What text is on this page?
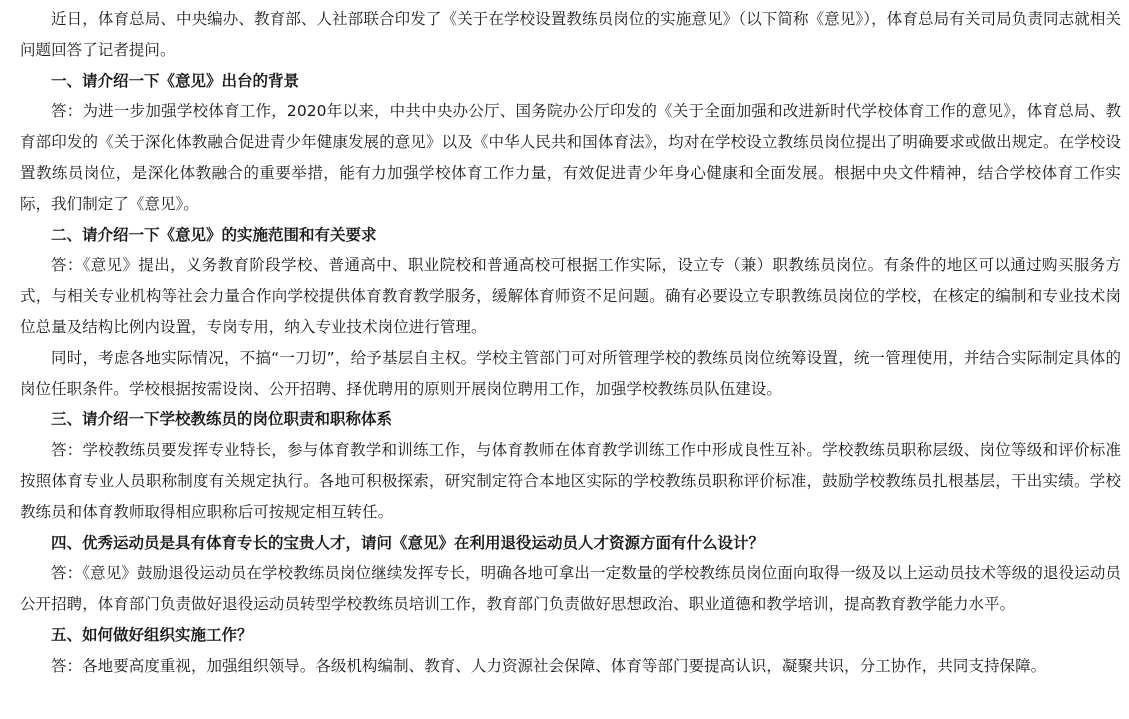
近日，体育总局、中央编办、教育部、人社部联合印发了《关于在学校设置教练员岗位的实施意见》（以下简称《意见》），体育总局有关司局负责同志就相关问题回答了记者提问。

一、请介绍一下《意见》出台的背景

答：为进一步加强学校体育工作，2020年以来，中共中央办公厅、国务院办公厅印发的《关于全面加强和改进新时代学校体育工作的意见》，体育总局、教育部印发的《关于深化体教融合促进青少年健康发展的意见》以及《中华人民共和国体育法》，均对在学校设立教练员岗位提出了明确要求或做出规定。在学校设置教练员岗位，是深化体教融合的重要举措，能有力加强学校体育工作力量，有效促进青少年身心健康和全面发展。根据中央文件精神，结合学校体育工作实际，我们制定了《意见》。

二、请介绍一下《意见》的实施范围和有关要求

答：《意见》提出，义务教育阶段学校、普通高中、职业院校和普通高校可根据工作实际，设立专（兼）职教练员岗位。有条件的地区可以通过购买服务方式，与相关专业机构等社会力量合作向学校提供体育教育教学服务，缓解体育师资不足问题。确有必要设立专职教练员岗位的学校，在核定的编制和专业技术岗位总量及结构比例内设置，专岗专用，纳入专业技术岗位进行管理。

同时，考虑各地实际情况，不搞“一刀切”，给予基层自主权。学校主管部门可对所管理学校的教练员岗位统筹设置，统一管理使用，并结合实际制定具体的岗位任职条件。学校根据按需设岗、公开招聘、择优聘用的原则开展岗位聘用工作，加强学校教练员队伍建设。

三、请介绍一下学校教练员的岗位职责和职称体系

答：学校教练员要发挥专业特长，参与体育教学和训练工作，与体育教师在体育教学训练工作中形成良性互补。学校教练员职称层级、岗位等级和评价标准按照体育专业人员职称制度有关规定执行。各地可积极探索，研究制定符合本地区实际的学校教练员职称评价标准，鼓励学校教练员扎根基层，干出实绩。学校教练员和体育教师取得相应职称后可按规定相互转任。

四、优秀运动员是具有体育专长的宝贵人才，请问《意见》在利用退役运动员人才资源方面有什么设计？

答：《意见》鼓励退役运动员在学校教练员岗位继续发挥专长，明确各地可拿出一定数量的学校教练员岗位面向取得一级及以上运动员技术等级的退役运动员公开招聘，体育部门负责做好退役运动员转型学校教练员培训工作，教育部门负责做好思想政治、职业道德和教学培训，提高教育教学能力水平。

五、如何做好组织实施工作？

答：各地要高度重视，加强组织领导。各级机构编制、教育、人力资源社会保障、体育等部门要提高认识，凝聚共识，分工协作，共同支持保障。
